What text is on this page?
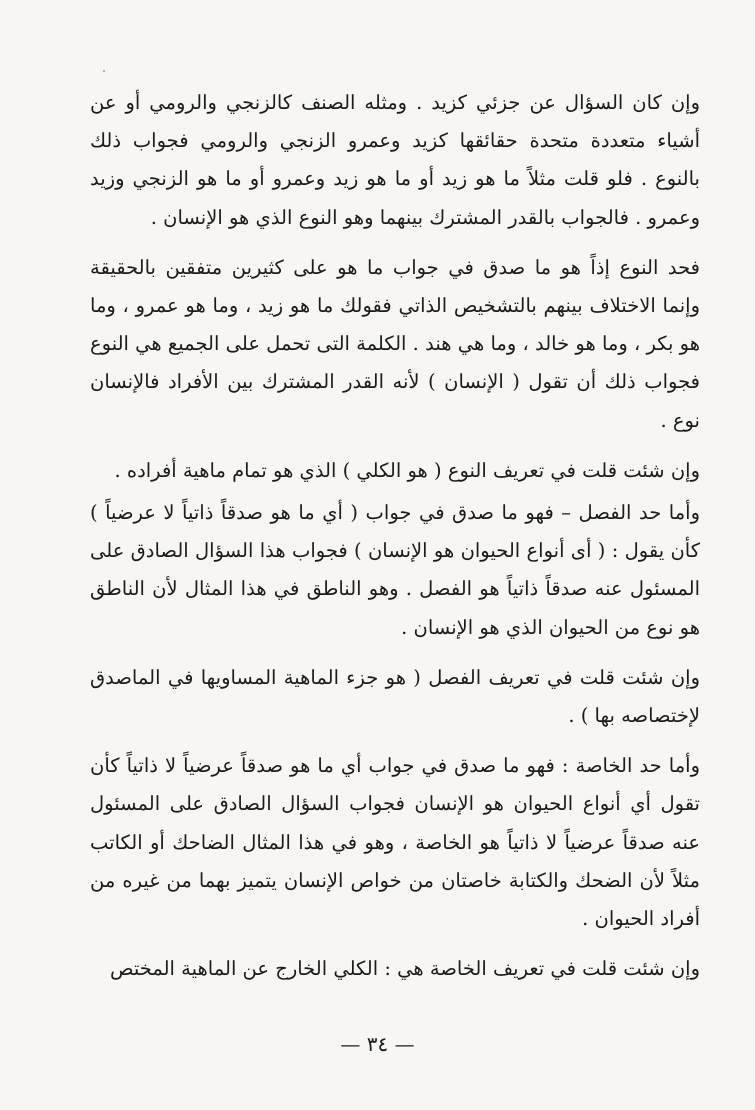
وإن كان السؤال عن جزئي كزيد . ومثله الصنف كالزنجي والرومي أو عن أشياء متعددة متحدة حقائقها كزيد وعمرو الزنجي والرومي فجواب ذلك بالنوع . فلو قلت مثلاً ما هو زيد أو ما هو زيد وعمرو أو ما هو الزنجي وزيد وعمرو . فالجواب بالقدر المشترك بينهما وهو النوع الذي هو الإنسان .

فحد النوع إذاً هو ما صدق في جواب ما هو على كثيرين متفقين بالحقيقة وإنما الاختلاف بينهم بالتشخيص الذاتي فقولك ما هو زيد ، وما هو عمرو ، وما هو بكر ، وما هو خالد ، وما هي هند . الكلمة التى تحمل على الجميع هي النوع فجواب ذلك أن تقول ( الإنسان ) لأنه القدر المشترك بين الأفراد فالإنسان نوع .

وإن شئت قلت في تعريف النوع ( هو الكلي ) الذي هو تمام ماهية أفراده .

وأما حد الفصل – فهو ما صدق في جواب ( أي ما هو صدقاً ذاتياً لا عرضياً ) كأن يقول : ( أى أنواع الحيوان هو الإنسان ) فجواب هذا السؤال الصادق على المسئول عنه صدقاً ذاتياً هو الفصل . وهو الناطق في هذا المثال لأن الناطق هو نوع من الحيوان الذي هو الإنسان .

وإن شئت قلت في تعريف الفصل ( هو جزء الماهية المساويها في الماصدق لإختصاصه بها ) .

وأما حد الخاصة : فهو ما صدق في جواب أي ما هو صدقاً عرضياً لا ذاتياً كأن تقول أي أنواع الحيوان هو الإنسان فجواب السؤال الصادق على المسئول عنه صدقاً عرضياً لا ذاتياً هو الخاصة ، وهو في هذا المثال الضاحك أو الكاتب مثلاً لأن الضحك والكتابة خاصتان من خواص الإنسان يتميز بهما من غيره من أفراد الحيوان .

وإن شئت قلت في تعريف الخاصة هي : الكلي الخارج عن الماهية المختص

— ٣٤ —
